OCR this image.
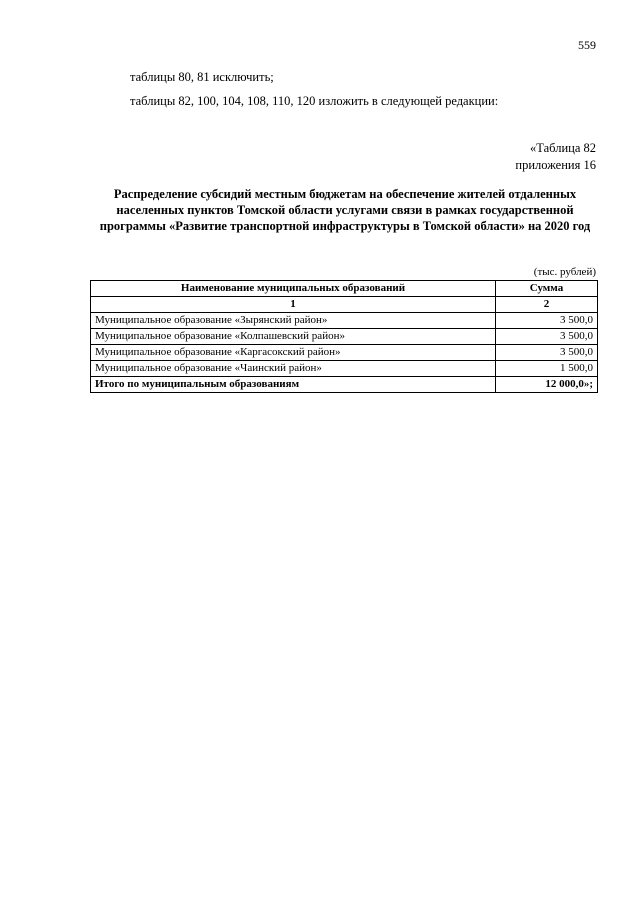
559
таблицы 80, 81 исключить;
таблицы 82, 100, 104, 108, 110, 120 изложить в следующей редакции:
«Таблица 82
приложения 16
Распределение субсидий местным бюджетам на обеспечение жителей отдаленных населенных пунктов Томской области услугами связи в рамках государственной программы «Развитие транспортной инфраструктуры в Томской области» на 2020 год
(тыс. рублей)
Наименование муниципальных образований	Сумма
1	2
Муниципальное образование «Зырянский район»	3 500,0
Муниципальное образование «Колпашевский район»	3 500,0
Муниципальное образование «Каргасокский район»	3 500,0
Муниципальное образование «Чаинский район»	1 500,0
Итого по муниципальным образованиям	12 000,0»;
